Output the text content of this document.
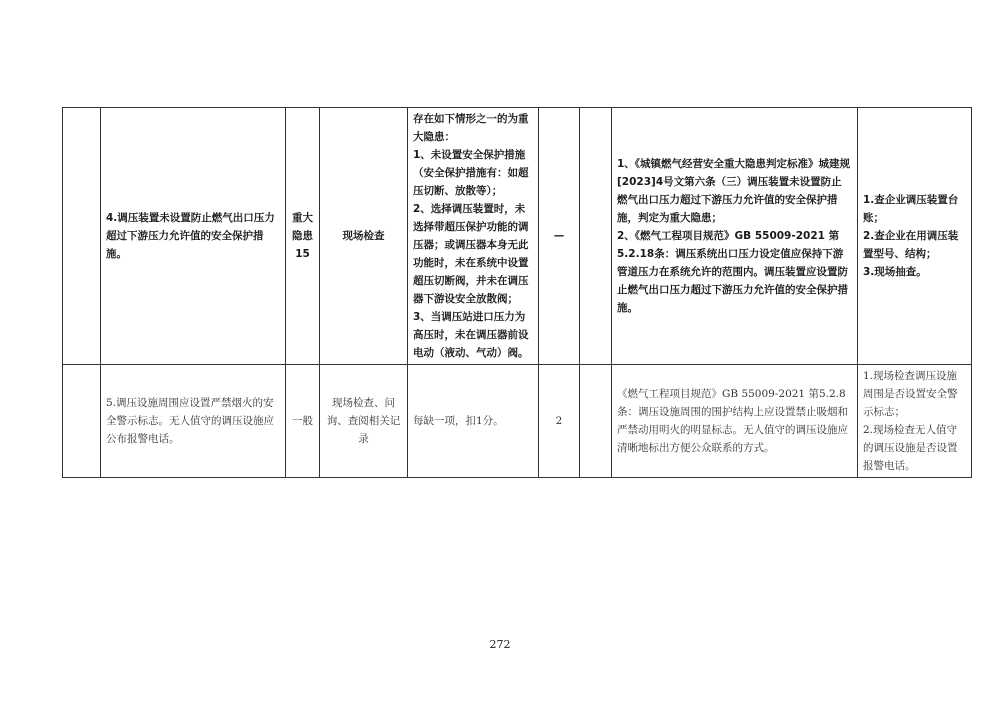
	4.调压装置未设置防止燃气出口压力超过下游压力允许值的安全保护措施。	重大隐患15	现场检查	存在如下情形之一的为重大隐患：
1、未设置安全保护措施（安全保护措施有：如超压切断、放散等）；
2、选择调压装置时，未选择带超压保护功能的调压器；或调压器本身无此功能时，未在系统中设置超压切断阀，并未在调压器下游设安全放散阀；
3、当调压站进口压力为高压时，未在调压器前设电动（液动、气动）阀。	—		1、《城镇燃气经营安全重大隐患判定标准》城建规[2023]4号文第六条（三）调压装置未设置防止燃气出口压力超过下游压力允许值的安全保护措施，判定为重大隐患；
2、《燃气工程项目规范》GB 55009-2021 第5.2.18条：调压系统出口压力设定值应保持下游管道压力在系统允许的范围内。调压装置应设置防止燃气出口压力超过下游压力允许值的安全保护措施。	1.查企业调压装置台账；
2.查企业在用调压装置型号、结构；
3.现场抽查。

	5.调压设施周围应设置严禁烟火的安全警示标志。无人值守的调压设施应公布报警电话。	一般	现场检查、问询、查阅相关记录	每缺一项，扣1分。	2		《燃气工程项目规范》GB 55009-2021 第5.2.8条：调压设施周围的围护结构上应设置禁止吸烟和严禁动用明火的明显标志。无人值守的调压设施应清晰地标出方便公众联系的方式。	1.现场检查调压设施周围是否设置安全警示标志；
2.现场检查无人值守的调压设施是否设置报警电话。
272
